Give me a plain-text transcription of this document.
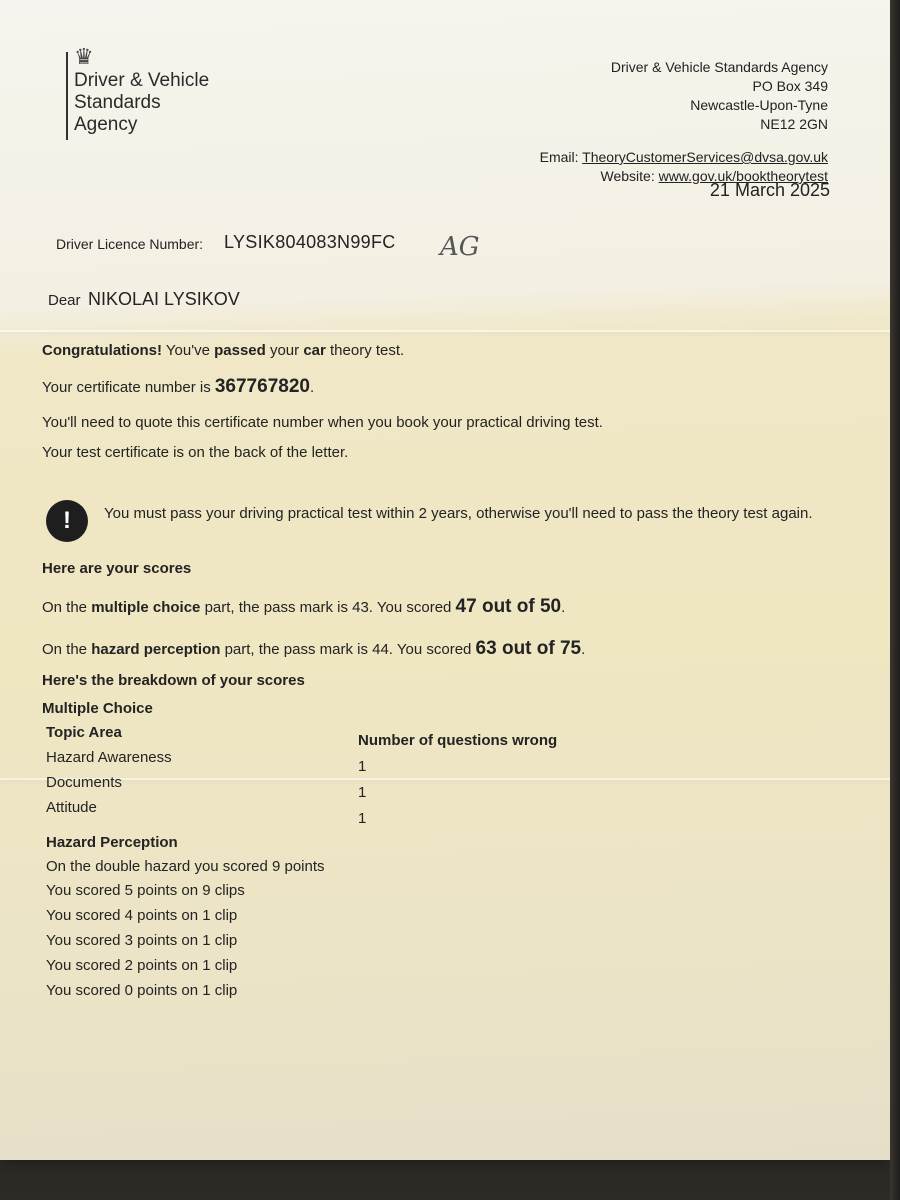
♛
Driver & Vehicle
Standards
Agency
Driver & Vehicle Standards Agency
PO Box 349
Newcastle-Upon-Tyne
NE12 2GN
Email: TheoryCustomerServices@dvsa.gov.uk
Website: www.gov.uk/booktheorytest
21 March 2025
Driver Licence Number: LYSIK804083N99FC AG
Dear NIKOLAI LYSIKOV
Congratulations! You've passed your car theory test.
Your certificate number is 367767820.
You'll need to quote this certificate number when you book your practical driving test.
Your test certificate is on the back of the letter.
!	You must pass your driving practical test within 2 years, otherwise you'll need to pass the theory test again.
Here are your scores
On the multiple choice part, the pass mark is 43. You scored 47 out of 50.
On the hazard perception part, the pass mark is 44. You scored 63 out of 75.
Here's the breakdown of your scores
Multiple Choice
Topic Area	Number of questions wrong
Hazard Awareness
1
Documents
1
Attitude
1
Hazard Perception
On the double hazard you scored 9 points
You scored 5 points on 9 clips
You scored 4 points on 1 clip
You scored 3 points on 1 clip
You scored 2 points on 1 clip
You scored 0 points on 1 clip
